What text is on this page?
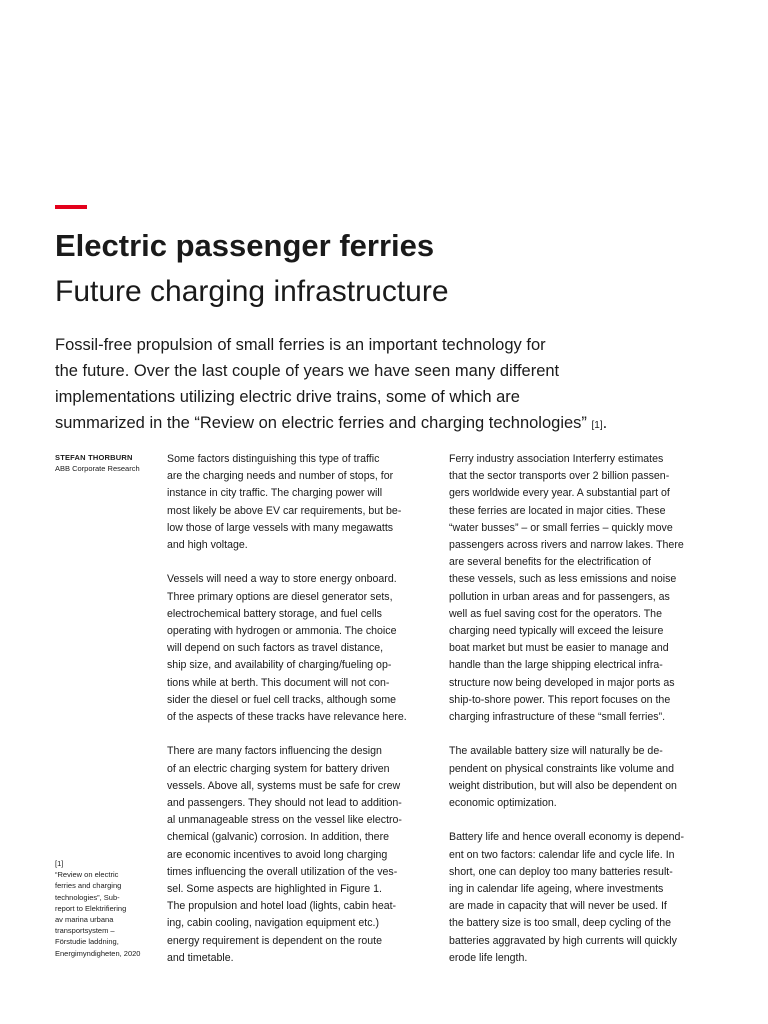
Electric passenger ferries
Future charging infrastructure
Fossil-free propulsion of small ferries is an important technology for
the future. Over the last couple of years we have seen many different
implementations utilizing electric drive trains, some of which are
summarized in the “Review on electric ferries and charging technologies” [1].
STEFAN THORBURN
ABB Corporate Research
[1]
“Review on electric
ferries and charging
technologies”, Sub-
report to Elektrifiering
av marina urbana
transportsystem –
Förstudie laddning,
Energimyndigheten, 2020

Some factors distinguishing this type of traffic
are the charging needs and number of stops, for
instance in city traffic. The charging power will
most likely be above EV car requirements, but be-
low those of large vessels with many megawatts
and high voltage.

Vessels will need a way to store energy onboard.
Three primary options are diesel generator sets,
electrochemical battery storage, and fuel cells
operating with hydrogen or ammonia. The choice
will depend on such factors as travel distance,
ship size, and availability of charging/fueling op-
tions while at berth. This document will not con-
sider the diesel or fuel cell tracks, although some
of the aspects of these tracks have relevance here.

There are many factors influencing the design
of an electric charging system for battery driven
vessels. Above all, systems must be safe for crew
and passengers. They should not lead to addition-
al unmanageable stress on the vessel like electro-
chemical (galvanic) corrosion. In addition, there
are economic incentives to avoid long charging
times influencing the overall utilization of the ves-
sel. Some aspects are highlighted in Figure 1.
The propulsion and hotel load (lights, cabin heat-
ing, cabin cooling, navigation equipment etc.)
energy requirement is dependent on the route
and timetable.

Ferry industry association Interferry estimates
that the sector transports over 2 billion passen-
gers worldwide every year. A substantial part of
these ferries are located in major cities. These
“water busses” – or small ferries – quickly move
passengers across rivers and narrow lakes. There
are several benefits for the electrification of
these vessels, such as less emissions and noise
pollution in urban areas and for passengers, as
well as fuel saving cost for the operators. The
charging need typically will exceed the leisure
boat market but must be easier to manage and
handle than the large shipping electrical infra-
structure now being developed in major ports as
ship-to-shore power. This report focuses on the
charging infrastructure of these “small ferries”.

The available battery size will naturally be de-
pendent on physical constraints like volume and
weight distribution, but will also be dependent on
economic optimization.

Battery life and hence overall economy is depend-
ent on two factors: calendar life and cycle life. In
short, one can deploy too many batteries result-
ing in calendar life ageing, where investments
are made in capacity that will never be used. If
the battery size is too small, deep cycling of the
batteries aggravated by high currents will quickly
erode life length.
